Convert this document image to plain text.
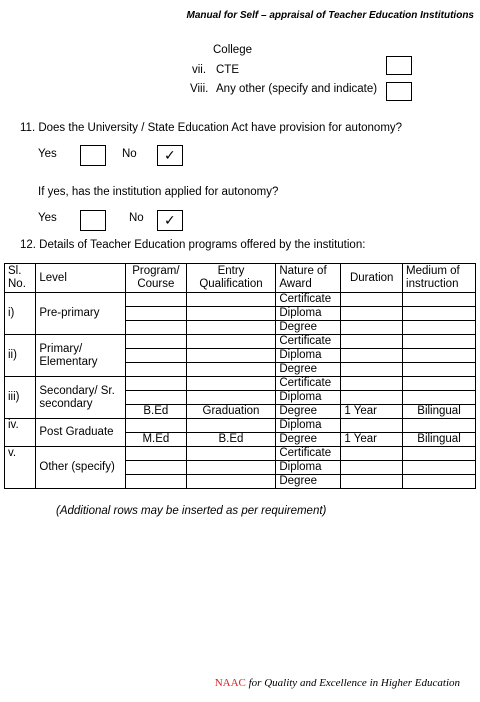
Manual for Self – appraisal of Teacher Education Institutions
College
vii. CTE
Viii. Any other (specify and indicate)
11. Does the University / State Education Act have provision for autonomy?
Yes	No ✓
If yes, has the institution applied for autonomy?
Yes	No ✓
12. Details of Teacher Education programs offered by the institution:
Sl. No.	Level	Program/ Course	Entry Qualification	Nature of Award	Duration	Medium of instruction
i)	Pre-primary			Certificate		
				Diploma		
				Degree		
ii)	Primary/ Elementary			Certificate		
				Diploma		
				Degree		
iii)	Secondary/ Sr. secondary			Certificate		
				Diploma		
		B.Ed	Graduation	Degree	1 Year	Bilingual
iv.	Post Graduate			Diploma		
		M.Ed	B.Ed	Degree	1 Year	Bilingual
v.	Other (specify)			Certificate		
				Diploma		
				Degree		
(Additional rows may be inserted as per requirement)
NAAC for Quality and Excellence in Higher Education
